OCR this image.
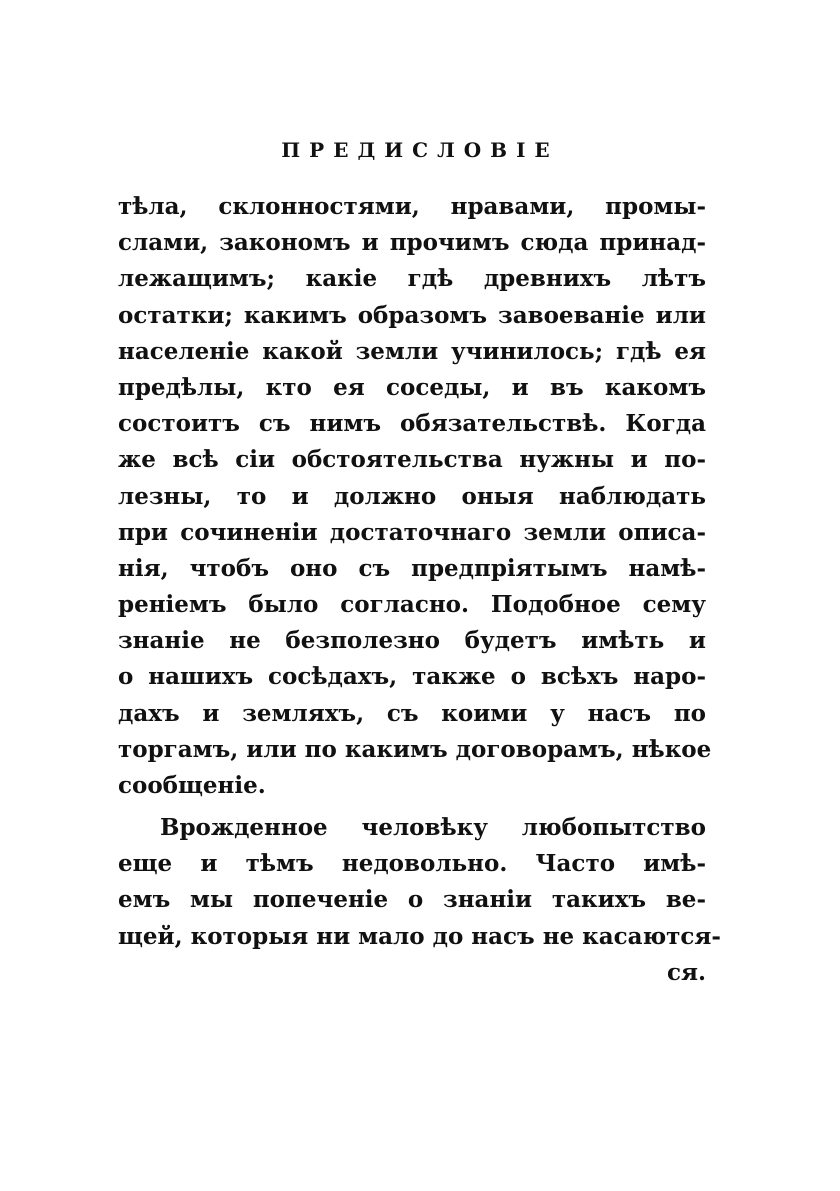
ПРЕДИСЛОВІЕ
тѣла, склонностями, нравами, промы-
слами, закономъ и прочимъ сюда принад-
лежащимъ; какіе гдѣ древнихъ лѣтъ
остатки; какимъ образомъ завоеваніе или
населеніе какой земли учинилось; гдѣ ея
предѣлы, кто ея соседы, и въ какомъ
состоитъ съ нимъ обязательствѣ. Когда
же всѣ сіи обстоятельства нужны и по-
лезны, то и должно оныя наблюдать
при сочиненіи достаточнаго земли описа-
нія, чтобъ оно съ предпріятымъ намѣ-
реніемъ было согласно. Подобное сему
знаніе не безполезно будетъ имѣть и
о нашихъ сосѣдахъ, также о всѣхъ наро-
дахъ и земляхъ, съ коими у насъ по
торгамъ, или по какимъ договорамъ, нѣкое
сообщеніе.
Врожденное человѣку любопытство
еще и тѣмъ недовольно. Часто имѣ-
емъ мы попеченіе о знаніи такихъ ве-
щей, которыя ни мало до насъ не касаются-
ся.
